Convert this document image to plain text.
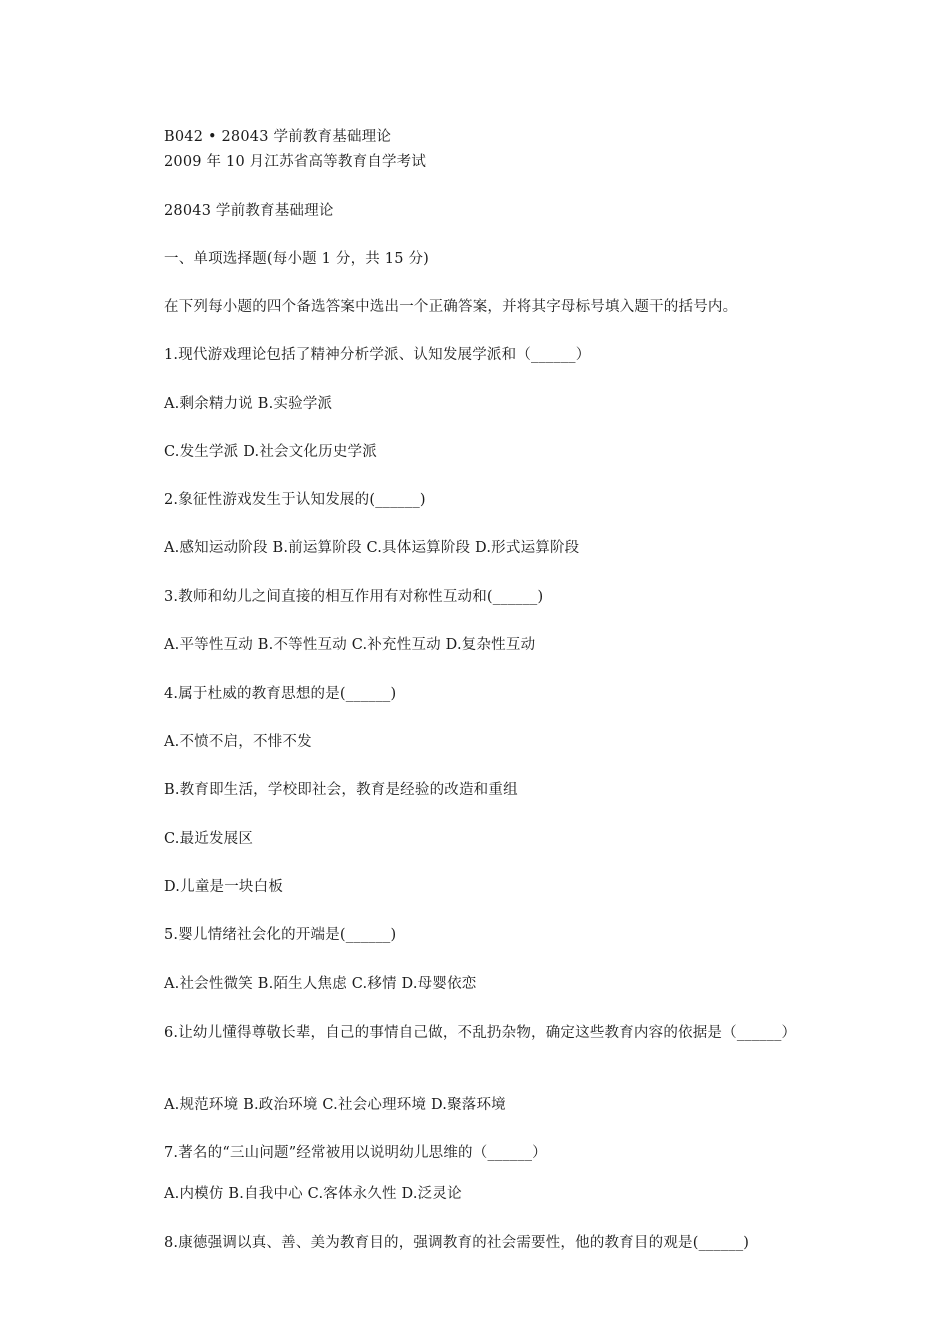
B042 • 28043 学前教育基础理论
2009 年 10 月江苏省高等教育自学考试
28043 学前教育基础理论
一、单项选择题(每小题 1 分，共 15 分)
在下列每小题的四个备选答案中选出一个正确答案，并将其字母标号填入题干的括号内。
1.现代游戏理论包括了精神分析学派、认知发展学派和（______）
A.剩余精力说 B.实验学派
C.发生学派 D.社会文化历史学派
2.象征性游戏发生于认知发展的(______)
A.感知运动阶段 B.前运算阶段 C.具体运算阶段 D.形式运算阶段
3.教师和幼儿之间直接的相互作用有对称性互动和(______)
A.平等性互动 B.不等性互动 C.补充性互动 D.复杂性互动
4.属于杜威的教育思想的是(______)
A.不愤不启，不悱不发
B.教育即生活，学校即社会，教育是经验的改造和重组
C.最近发展区
D.儿童是一块白板
5.婴儿情绪社会化的开端是(______)
A.社会性微笑 B.陌生人焦虑 C.移情 D.母婴依恋
6.让幼儿懂得尊敬长辈，自己的事情自己做，不乱扔杂物，确定这些教育内容的依据是（______）
A.规范环境 B.政治环境 C.社会心理环境 D.聚落环境
7.著名的“三山问题”经常被用以说明幼儿思维的（______）
A.内模仿 B.自我中心 C.客体永久性 D.泛灵论
8.康德强调以真、善、美为教育目的，强调教育的社会需要性，他的教育目的观是(______)
